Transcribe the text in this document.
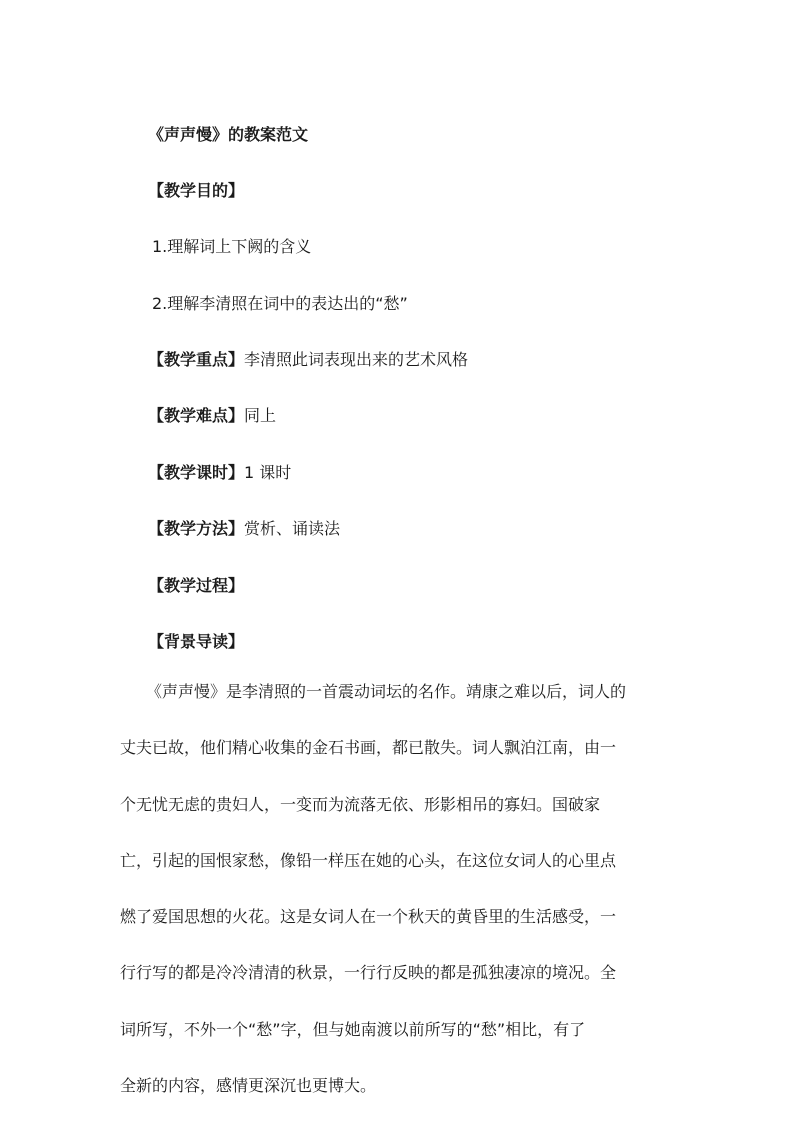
《声声慢》的教案范文
【教学目的】
1.理解词上下阙的含义
2.理解李清照在词中的表达出的“愁”
【教学重点】李清照此词表现出来的艺术风格
【教学难点】同上
【教学课时】1 课时
【教学方法】赏析、诵读法
【教学过程】
【背景导读】
《声声慢》是李清照的一首震动词坛的名作。靖康之难以后，词人的
丈夫已故，他们精心收集的金石书画，都已散失。词人飘泊江南，由一
个无忧无虑的贵妇人，一变而为流落无依、形影相吊的寡妇。国破家
亡，引起的国恨家愁，像铅一样压在她的心头，在这位女词人的心里点
燃了爱国思想的火花。这是女词人在一个秋天的黄昏里的生活感受，一
行行写的都是冷冷清清的秋景，一行行反映的都是孤独凄凉的境况。全
词所写，不外一个“愁”字，但与她南渡以前所写的“愁”相比，有了
全新的内容，感情更深沉也更博大。
